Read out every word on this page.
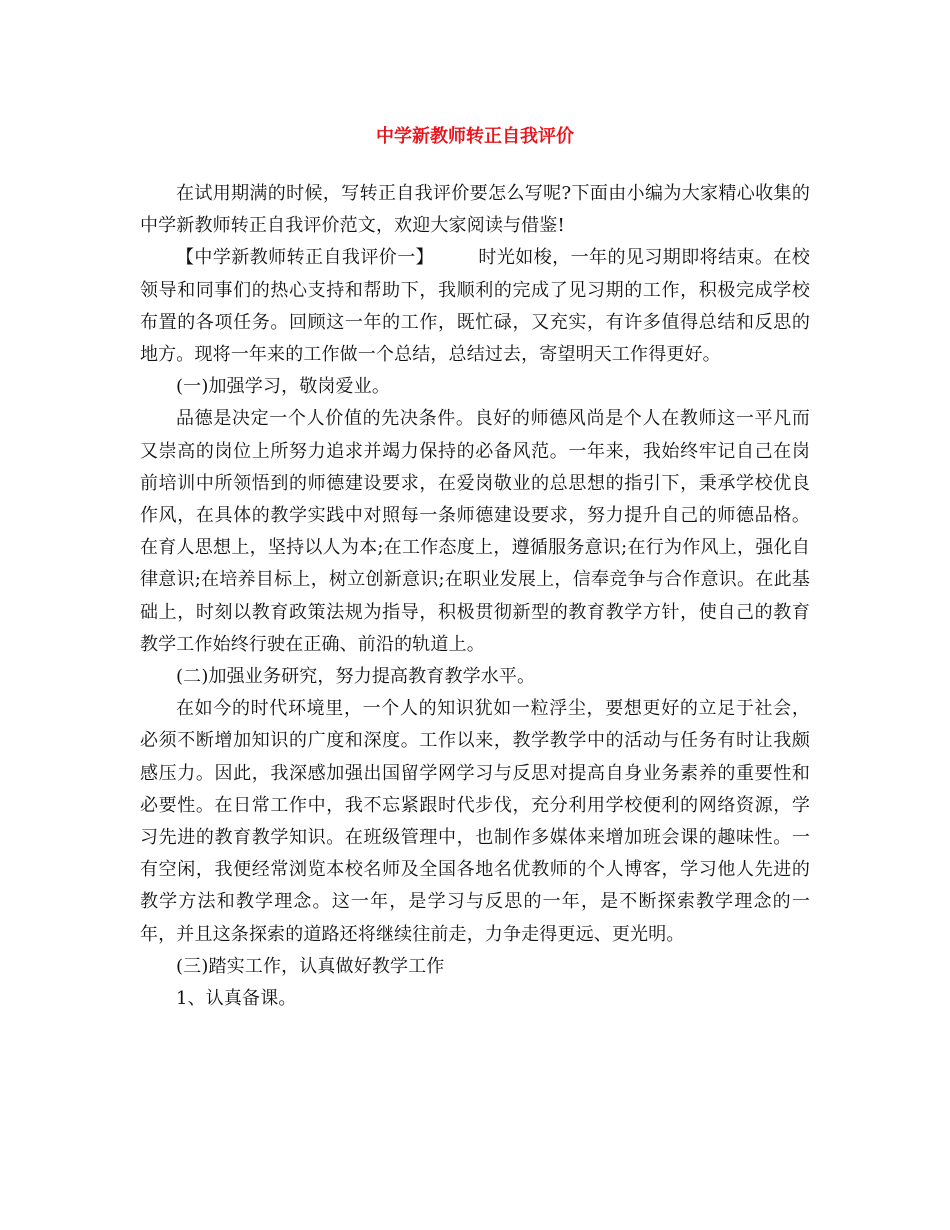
中学新教师转正自我评价

在试用期满的时候，写转正自我评价要怎么写呢?下面由小编为大家精心收集的中学新教师转正自我评价范文，欢迎大家阅读与借鉴!

【中学新教师转正自我评价一】 时光如梭，一年的见习期即将结束。在校领导和同事们的热心支持和帮助下，我顺利的完成了见习期的工作，积极完成学校布置的各项任务。回顾这一年的工作，既忙碌，又充实，有许多值得总结和反思的地方。现将一年来的工作做一个总结，总结过去，寄望明天工作得更好。

(一)加强学习，敬岗爱业。

品德是决定一个人价值的先决条件。良好的师德风尚是个人在教师这一平凡而又崇高的岗位上所努力追求并竭力保持的必备风范。一年来，我始终牢记自己在岗前培训中所领悟到的师德建设要求，在爱岗敬业的总思想的指引下，秉承学校优良作风，在具体的教学实践中对照每一条师德建设要求，努力提升自己的师德品格。在育人思想上，坚持以人为本;在工作态度上，遵循服务意识;在行为作风上，强化自律意识;在培养目标上，树立创新意识;在职业发展上，信奉竞争与合作意识。在此基础上，时刻以教育政策法规为指导，积极贯彻新型的教育教学方针，使自己的教育教学工作始终行驶在正确、前沿的轨道上。

(二)加强业务研究，努力提高教育教学水平。

在如今的时代环境里，一个人的知识犹如一粒浮尘，要想更好的立足于社会，必须不断增加知识的广度和深度。工作以来，教学教学中的活动与任务有时让我颇感压力。因此，我深感加强出国留学网学习与反思对提高自身业务素养的重要性和必要性。在日常工作中，我不忘紧跟时代步伐，充分利用学校便利的网络资源，学习先进的教育教学知识。在班级管理中，也制作多媒体来增加班会课的趣味性。一有空闲，我便经常浏览本校名师及全国各地名优教师的个人博客，学习他人先进的教学方法和教学理念。这一年，是学习与反思的一年，是不断探索教学理念的一年，并且这条探索的道路还将继续往前走，力争走得更远、更光明。

(三)踏实工作，认真做好教学工作

1、认真备课。
